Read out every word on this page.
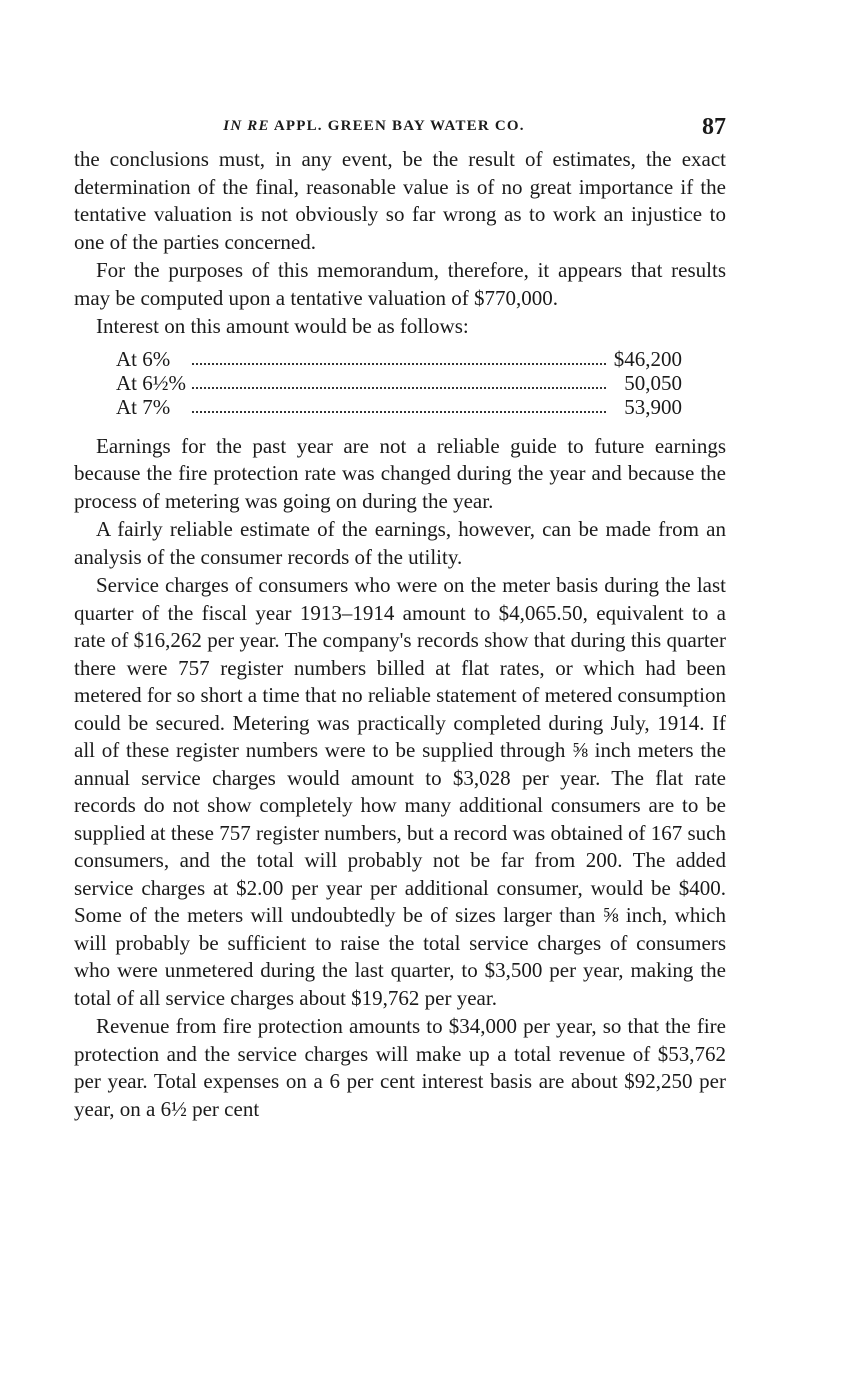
IN RE APPL. GREEN BAY WATER CO.	87

the conclusions must, in any event, be the result of estimates, the exact determination of the final, reasonable value is of no great importance if the tentative valuation is not obviously so far wrong as to work an injustice to one of the parties concerned.

For the purposes of this memorandum, therefore, it appears that results may be computed upon a tentative valuation of $770,000.

Interest on this amount would be as follows:

At 6%		$46,200
At 6½%		50,050
At 7%		53,900

Earnings for the past year are not a reliable guide to future earnings because the fire protection rate was changed during the year and because the process of metering was going on during the year.

A fairly reliable estimate of the earnings, however, can be made from an analysis of the consumer records of the utility.

Service charges of consumers who were on the meter basis during the last quarter of the fiscal year 1913–1914 amount to $4,065.50, equivalent to a rate of $16,262 per year. The company's records show that during this quarter there were 757 register numbers billed at flat rates, or which had been metered for so short a time that no reliable statement of metered consumption could be secured. Metering was practically completed during July, 1914. If all of these register numbers were to be supplied through ⅝ inch meters the annual service charges would amount to $3,028 per year. The flat rate records do not show completely how many additional consumers are to be supplied at these 757 register numbers, but a record was obtained of 167 such consumers, and the total will probably not be far from 200. The added service charges at $2.00 per year per additional consumer, would be $400. Some of the meters will undoubtedly be of sizes larger than ⅝ inch, which will probably be sufficient to raise the total service charges of consumers who were unmetered during the last quarter, to $3,500 per year, making the total of all service charges about $19,762 per year.

Revenue from fire protection amounts to $34,000 per year, so that the fire protection and the service charges will make up a total revenue of $53,762 per year. Total expenses on a 6 per cent interest basis are about $92,250 per year, on a 6½ per cent
